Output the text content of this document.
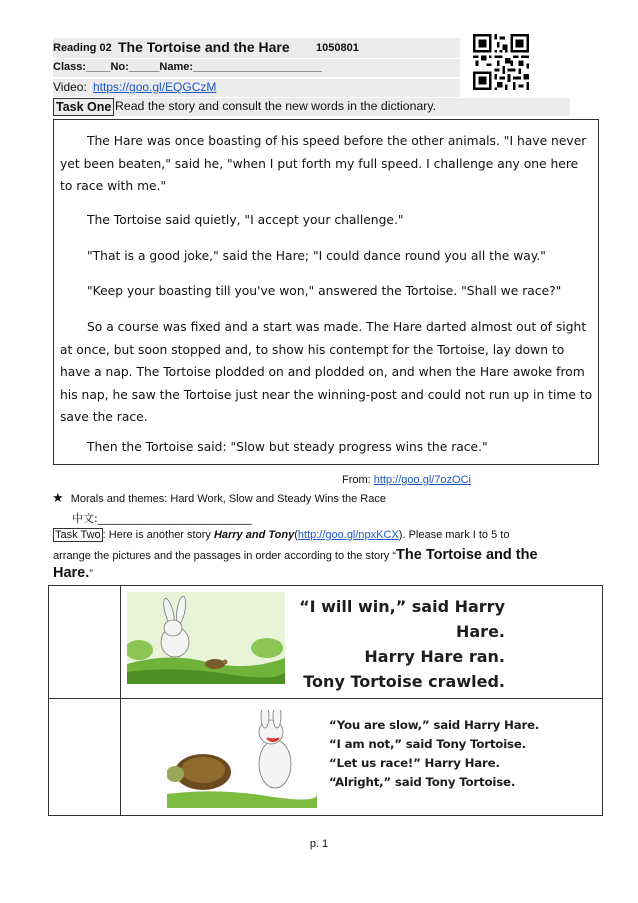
Reading 02 The Tortoise and the Hare 1050801
Class:____No:_____Name:_____________________
Video: https://goo.gl/EQGCzM
Task One Read the story and consult the new words in the dictionary.

The Hare was once boasting of his speed before the other animals. "I have never yet been beaten," said he, "when I put forth my full speed. I challenge any one here to race with me."

The Tortoise said quietly, "I accept your challenge."

"That is a good joke," said the Hare; "I could dance round you all the way."

"Keep your boasting till you've won," answered the Tortoise. "Shall we race?"

So a course was fixed and a start was made. The Hare darted almost out of sight at once, but soon stopped and, to show his contempt for the Tortoise, lay down to have a nap. The Tortoise plodded on and plodded on, and when the Hare awoke from his nap, he saw the Tortoise just near the winning-post and could not run up in time to save the race.

Then the Tortoise said: "Slow but steady progress wins the race."

From: http://goo.gl/7ozOCi
★ Morals and themes: Hard Work, Slow and Steady Wins the Race
中文:____________________________
Task Two : Here is another story Harry and Tony(http://goo.gl/npxKCX). Please mark I to 5 to
arrange the pictures and the passages in order according to the story “The Tortoise and the
Hare.”
“I will win,” said Harry Hare.
Harry Hare ran.
Tony Tortoise crawled.
“You are slow,” said Harry Hare.
“I am not,” said Tony Tortoise.
“Let us race!” Harry Hare.
“Alright,” said Tony Tortoise.
p. 1
